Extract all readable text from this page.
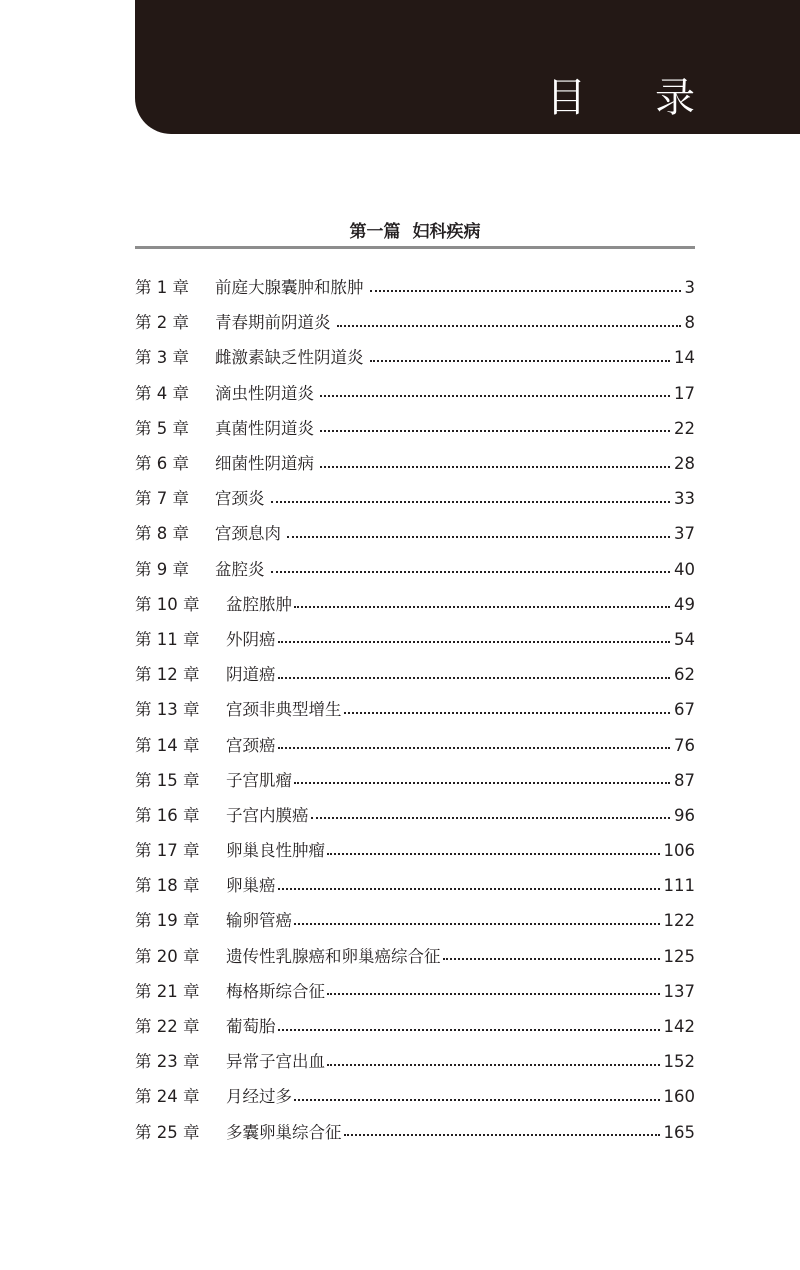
目 录
第一篇 妇科疾病
第 1 章	前庭大腺囊肿和脓肿	3
第 2 章	青春期前阴道炎	8
第 3 章	雌激素缺乏性阴道炎	14
第 4 章	滴虫性阴道炎	17
第 5 章	真菌性阴道炎	22
第 6 章	细菌性阴道病	28
第 7 章	宫颈炎	33
第 8 章	宫颈息肉	37
第 9 章	盆腔炎	40
第 10 章	盆腔脓肿	49
第 11 章	外阴癌	54
第 12 章	阴道癌	62
第 13 章	宫颈非典型增生	67
第 14 章	宫颈癌	76
第 15 章	子宫肌瘤	87
第 16 章	子宫内膜癌	96
第 17 章	卵巢良性肿瘤	106
第 18 章	卵巢癌	111
第 19 章	输卵管癌	122
第 20 章	遗传性乳腺癌和卵巢癌综合征	125
第 21 章	梅格斯综合征	137
第 22 章	葡萄胎	142
第 23 章	异常子宫出血	152
第 24 章	月经过多	160
第 25 章	多囊卵巢综合征	165
